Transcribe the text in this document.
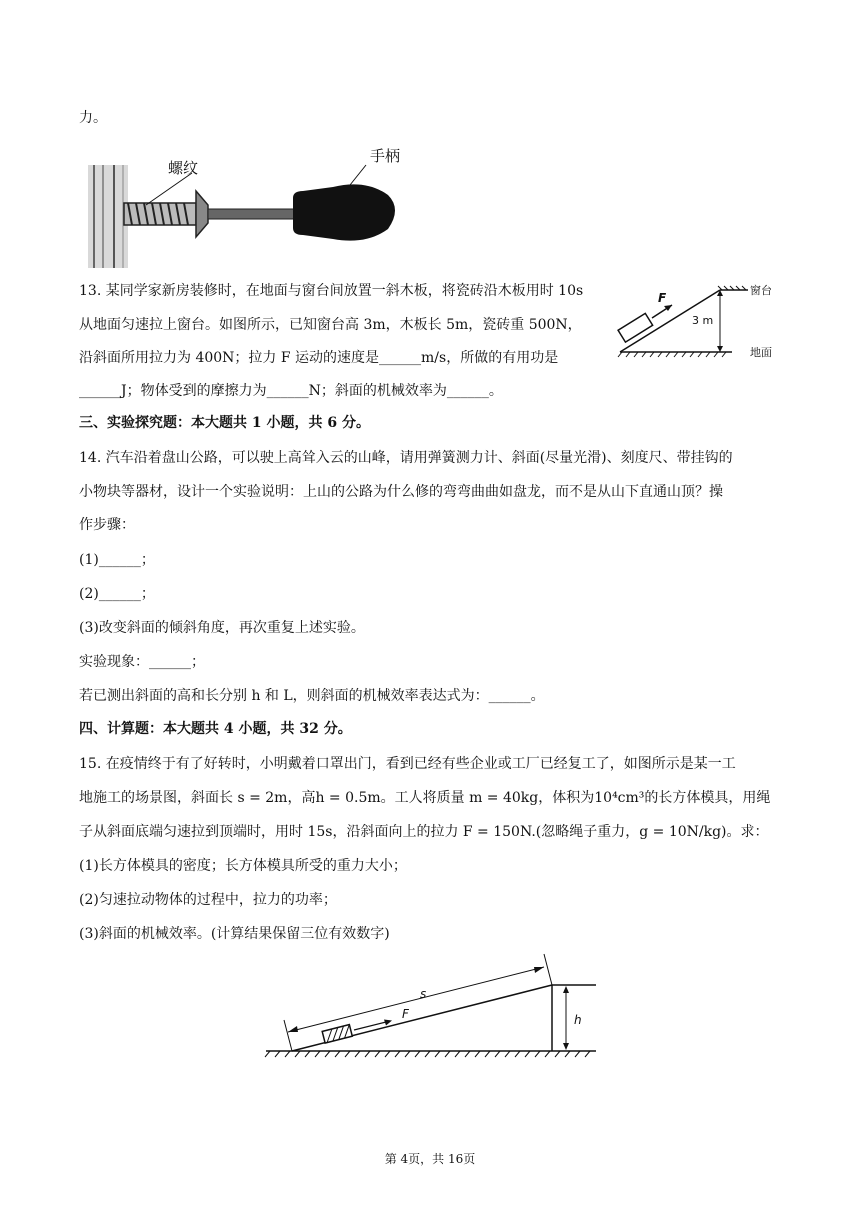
力。
螺纹
手柄
13. 某同学家新房装修时，在地面与窗台间放置一斜木板，将瓷砖沿木板用时 10s
从地面匀速拉上窗台。如图所示，已知窗台高 3m，木板长 5m，瓷砖重 500N，
沿斜面所用拉力为 400N；拉力 F 运动的速度是______m/s，所做的有用功是
______J；物体受到的摩擦力为______N；斜面的机械效率为______。
F
3 m
窗台
地面
三、实验探究题：本大题共 1 小题，共 6 分。
14. 汽车沿着盘山公路，可以驶上高耸入云的山峰，请用弹簧测力计、斜面(尽量光滑)、刻度尺、带挂钩的
小物块等器材，设计一个实验说明：上山的公路为什么修的弯弯曲曲如盘龙，而不是从山下直通山顶？操
作步骤：
(1)______；
(2)______；
(3)改变斜面的倾斜角度，再次重复上述实验。
实验现象：______；
若已测出斜面的高和长分别 h 和 L，则斜面的机械效率表达式为：______。
四、计算题：本大题共 4 小题，共 32 分。
15. 在疫情终于有了好转时，小明戴着口罩出门，看到已经有些企业或工厂已经复工了，如图所示是某一工
地施工的场景图，斜面长 s = 2m，高h = 0.5m。工人将质量 m = 40kg，体积为10⁴cm³的长方体模具，用绳
子从斜面底端匀速拉到顶端时，用时 15s，沿斜面向上的拉力 F = 150N.(忽略绳子重力，g = 10N/kg)。求：
(1)长方体模具的密度；长方体模具所受的重力大小；
(2)匀速拉动物体的过程中，拉力的功率；
(3)斜面的机械效率。(计算结果保留三位有效数字)
s
F	h
第 4页，共 16页
